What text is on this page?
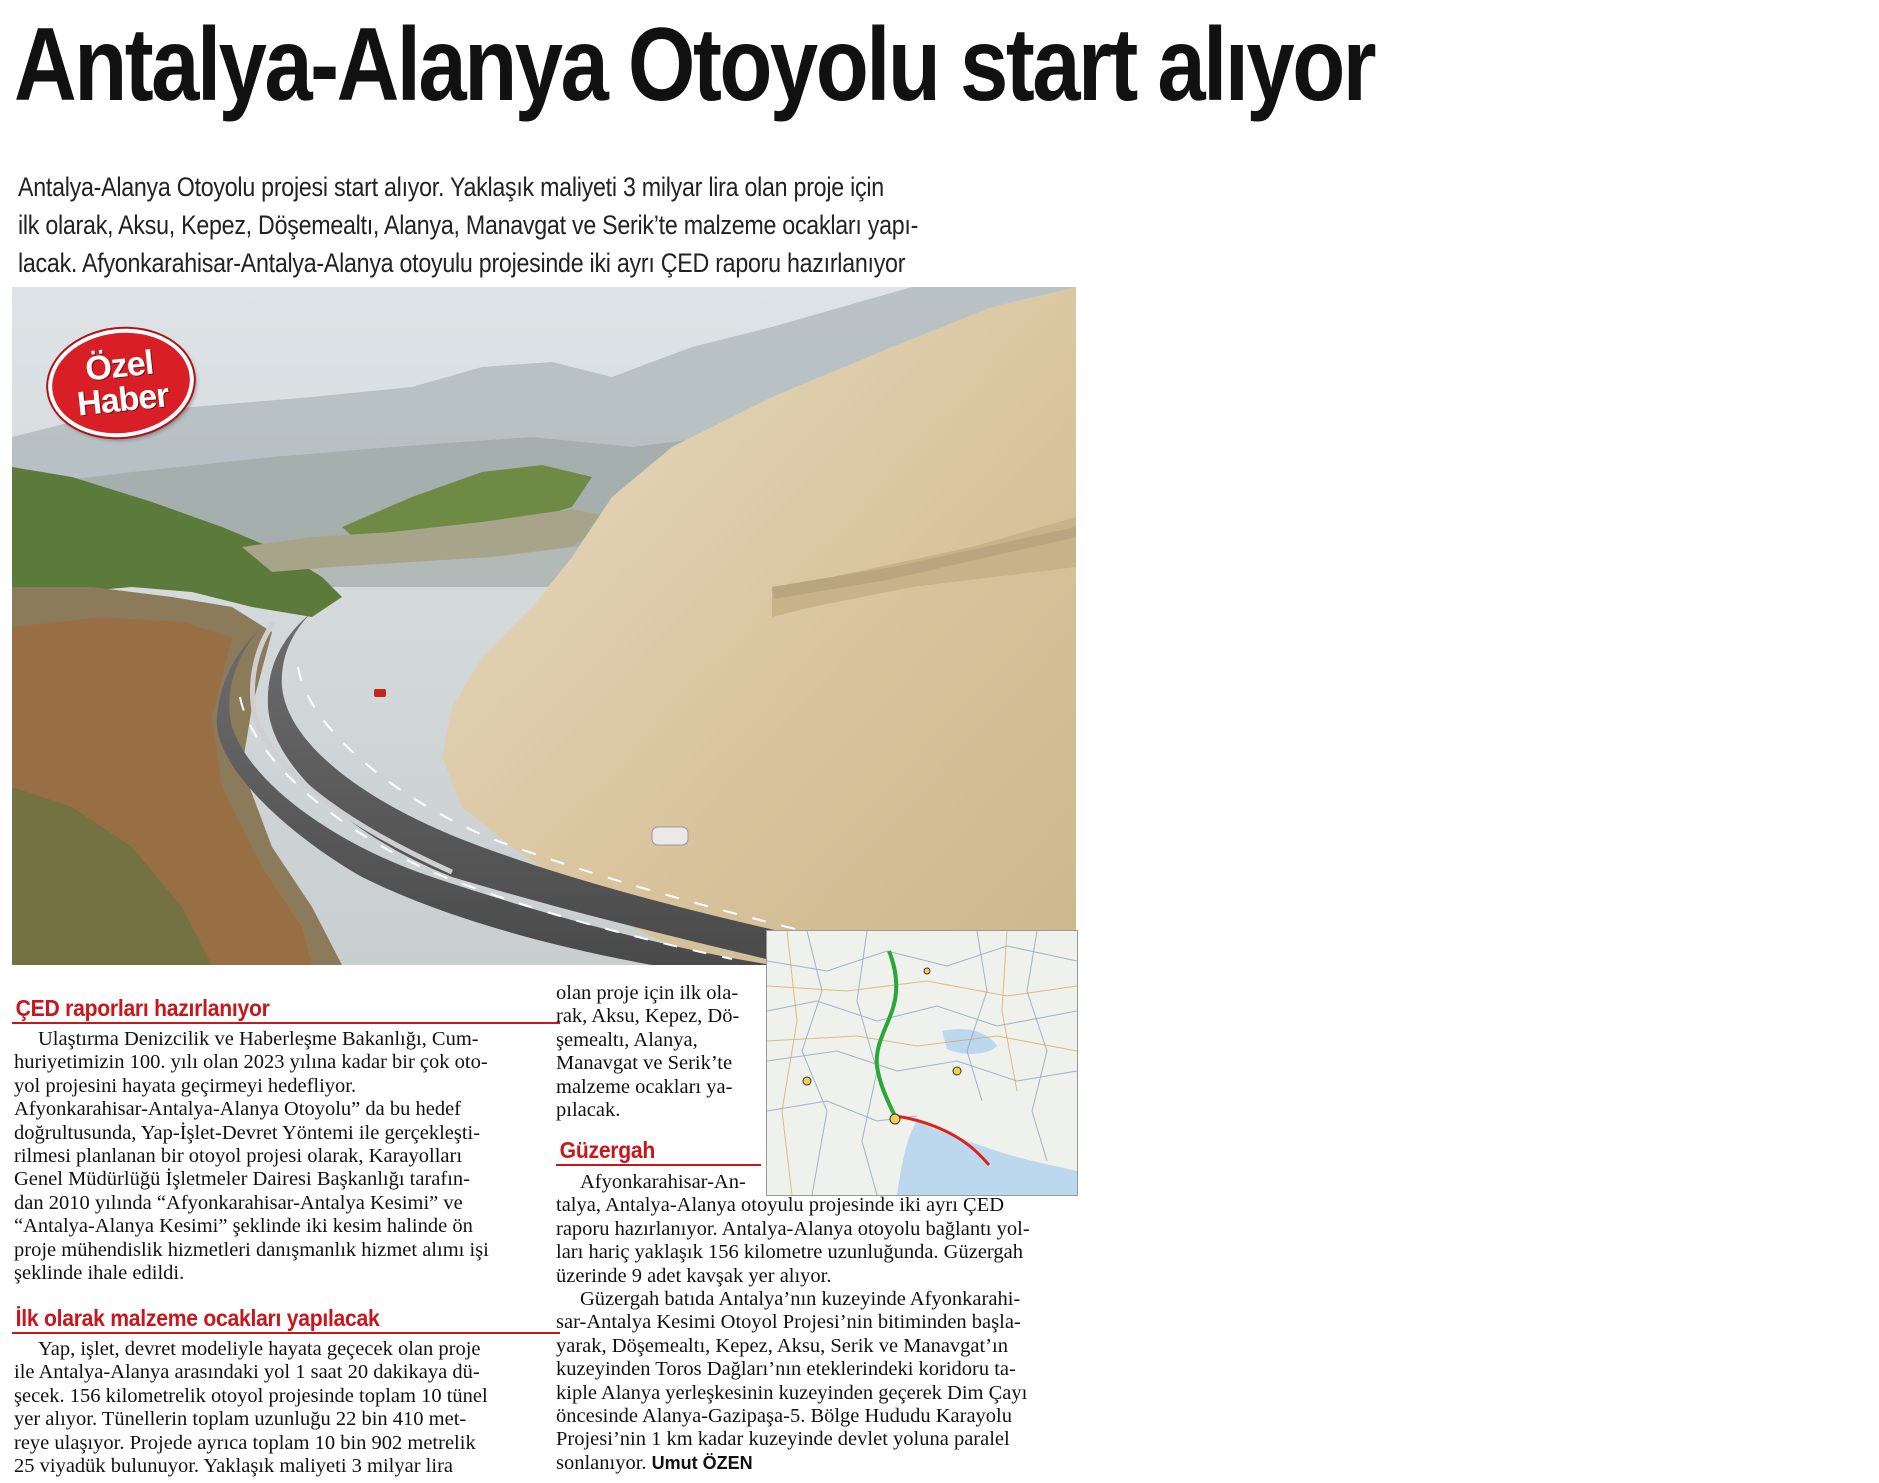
Antalya-Alanya Otoyolu start alıyor
Antalya-Alanya Otoyolu projesi start alıyor. Yaklaşık maliyeti 3 milyar lira olan proje için
ilk olarak, Aksu, Kepez, Döşemealtı, Alanya, Manavgat ve Serik’te malzeme ocakları yapı-
lacak. Afyonkarahisar-Antalya-Alanya otoyulu projesinde iki ayrı ÇED raporu hazırlanıyor
Özel
Haber
ÇED raporları hazırlanıyor
Ulaştırma Denizcilik ve Haberleşme Bakanlığı, Cum-
huriyetimizin 100. yılı olan 2023 yılına kadar bir çok oto-
yol projesini hayata geçirmeyi hedefliyor.
Afyonkarahisar-Antalya-Alanya Otoyolu” da bu hedef
doğrultusunda, Yap-İşlet-Devret Yöntemi ile gerçekleşti-
rilmesi planlanan bir otoyol projesi olarak, Karayolları
Genel Müdürlüğü İşletmeler Dairesi Başkanlığı tarafın-
dan 2010 yılında “Afyonkarahisar-Antalya Kesimi” ve
“Antalya-Alanya Kesimi” şeklinde iki kesim halinde ön
proje mühendislik hizmetleri danışmanlık hizmet alımı işi
şeklinde ihale edildi.
İlk olarak malzeme ocakları yapılacak
Yap, işlet, devret modeliyle hayata geçecek olan proje
ile Antalya-Alanya arasındaki yol 1 saat 20 dakikaya dü-
şecek. 156 kilometrelik otoyol projesinde toplam 10 tünel
yer alıyor. Tünellerin toplam uzunluğu 22 bin 410 met-
reye ulaşıyor. Projede ayrıca toplam 10 bin 902 metrelik
25 viyadük bulunuyor. Yaklaşık maliyeti 3 milyar lira
olan proje için ilk ola-
rak, Aksu, Kepez, Dö-
şemealtı, Alanya,
Manavgat ve Serik’te
malzeme ocakları ya-
pılacak.
Güzergah
Afyonkarahisar-An-
talya, Antalya-Alanya otoyulu projesinde iki ayrı ÇED
raporu hazırlanıyor. Antalya-Alanya otoyolu bağlantı yol-
ları hariç yaklaşık 156 kilometre uzunluğunda. Güzergah
üzerinde 9 adet kavşak yer alıyor.
Güzergah batıda Antalya’nın kuzeyinde Afyonkarahi-
sar-Antalya Kesimi Otoyol Projesi’nin bitiminden başla-
yarak, Döşemealtı, Kepez, Aksu, Serik ve Manavgat’ın
kuzeyinden Toros Dağları’nın eteklerindeki koridoru ta-
kiple Alanya yerleşkesinin kuzeyinden geçerek Dim Çayı
öncesinde Alanya-Gazipaşa-5. Bölge Hududu Karayolu
Projesi’nin 1 km kadar kuzeyinde devlet yoluna paralel
sonlanıyor. Umut ÖZEN
